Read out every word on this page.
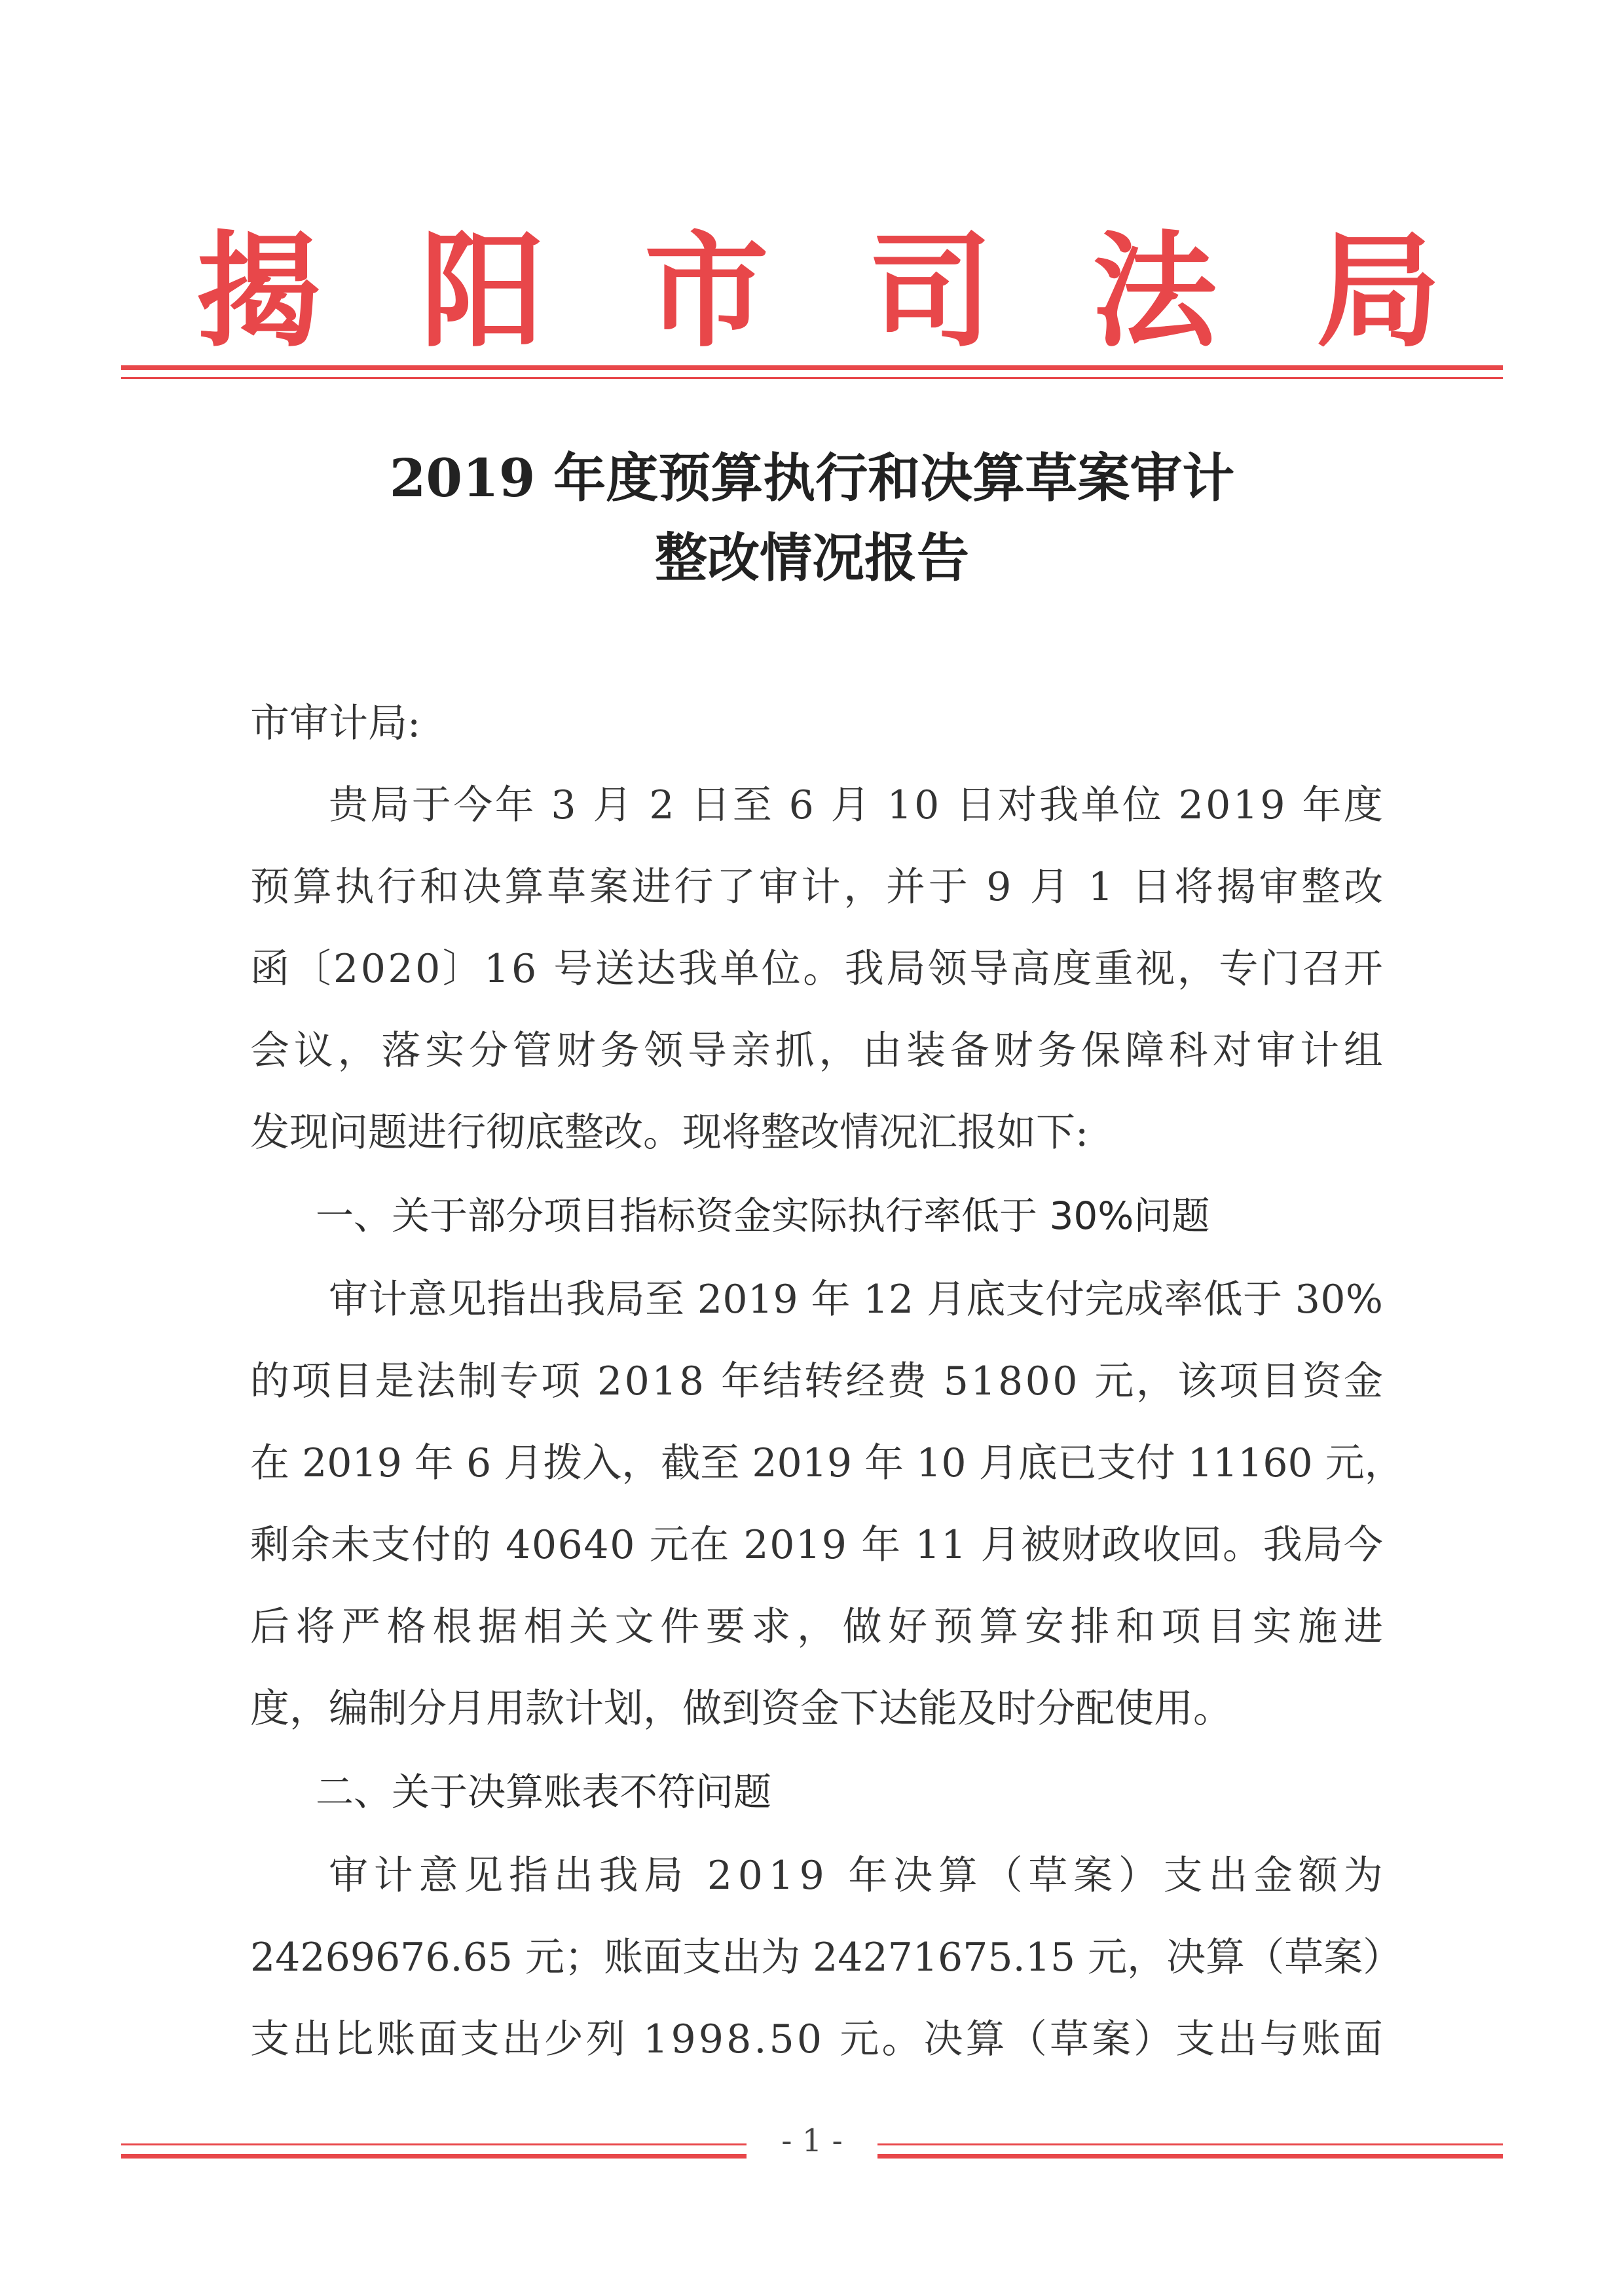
揭 阳 市 司 法 局
2019 年度预算执行和决算草案审计
整改情况报告
市审计局:
贵 局 于 今 年
3
月
2
日 至
6
月
1 0
日 对 我 单 位
2 0 1 9
年 度
预 算 执 行 和 决 算 草 案 进 行 了 审 计 ， 并 于
9
月
1
日 将 揭 审 整 改
函 〔 2 0 2 0 〕 1 6
号 送 达 我 单 位 。 我 局 领 导 高 度 重 视 ， 专 门 召 开
会 议 ， 落 实 分 管 财 务 领 导 亲 抓 ， 由 装 备 财 务 保 障 科 对 审 计 组
发现问题进行彻底整改。现将整改情况汇报如下:
一、关于部分项目指标资金实际执行率低于 30%问题
审 计 意 见 指 出 我 局 至
2 0 1 9
年
1 2
月 底 支 付 完 成 率 低 于
3 0 %
的 项 目 是 法 制 专 项
2 0 1 8
年 结 转 经 费
5 1 8 0 0
元 ， 该 项 目 资 金
在
2 0 1 9
年
6
月 拨 入 ， 截 至
2 0 1 9
年
1 0
月 底 已 支 付
1 1 1 6 0
元 ，
剩 余 未 支 付 的
4 0 6 4 0
元 在
2 0 1 9
年
1 1
月 被 财 政 收 回 。 我 局 今
后 将 严 格 根 据 相 关 文 件 要 求 ， 做 好 预 算 安 排 和 项 目 实 施 进
度，编制分月用款计划，做到资金下达能及时分配使用。
二、关于决算账表不符问题
审 计 意 见 指 出 我 局
2 0 1 9
年 决 算 （ 草 案 ） 支 出 金 额 为
2 4 2 6 9 6 7 6 . 6 5
元 ； 账 面 支 出 为
2 4 2 7 1 6 7 5 . 1 5
元 ， 决 算 （ 草 案 ）
支 出 比 账 面 支 出 少 列
1 9 9 8 . 5 0
元 。 决 算 （ 草 案 ） 支 出 与 账 面
- 1 -
